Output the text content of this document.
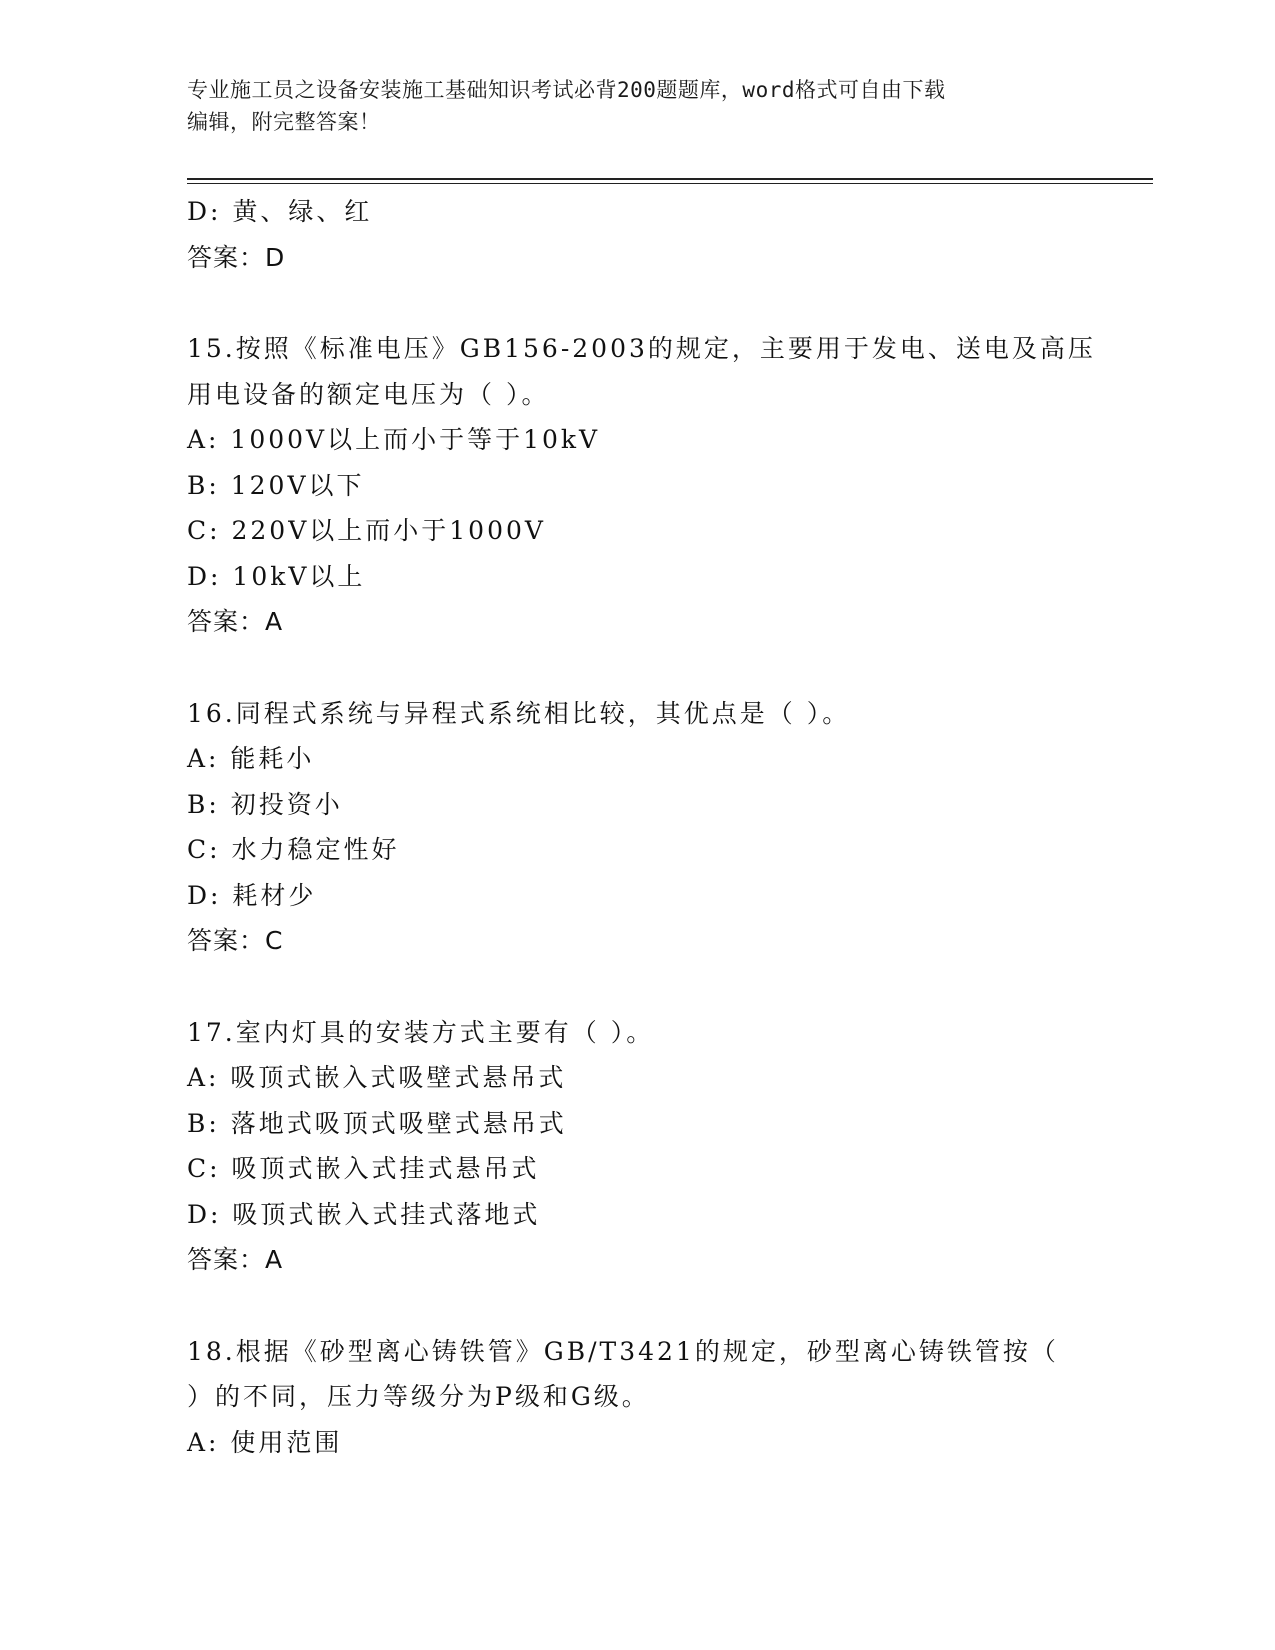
专业施工员之设备安装施工基础知识考试必背200题题库，word格式可自由下载
编辑，附完整答案！
D: 黄、绿、红
答案：D
15.按照《标准电压》GB156-2003的规定，主要用于发电、送电及高压
用电设备的额定电压为（ ）。
A: 1000V以上而小于等于10kV
B: 120V以下
C: 220V以上而小于1000V
D: 10kV以上
答案：A
16.同程式系统与异程式系统相比较，其优点是（ ）。
A: 能耗小
B: 初投资小
C: 水力稳定性好
D: 耗材少
答案：C
17.室内灯具的安装方式主要有（ ）。
A: 吸顶式嵌入式吸壁式悬吊式
B: 落地式吸顶式吸壁式悬吊式
C: 吸顶式嵌入式挂式悬吊式
D: 吸顶式嵌入式挂式落地式
答案：A
18.根据《砂型离心铸铁管》GB/T3421的规定，砂型离心铸铁管按（
）的不同，压力等级分为P级和G级。
A: 使用范围
